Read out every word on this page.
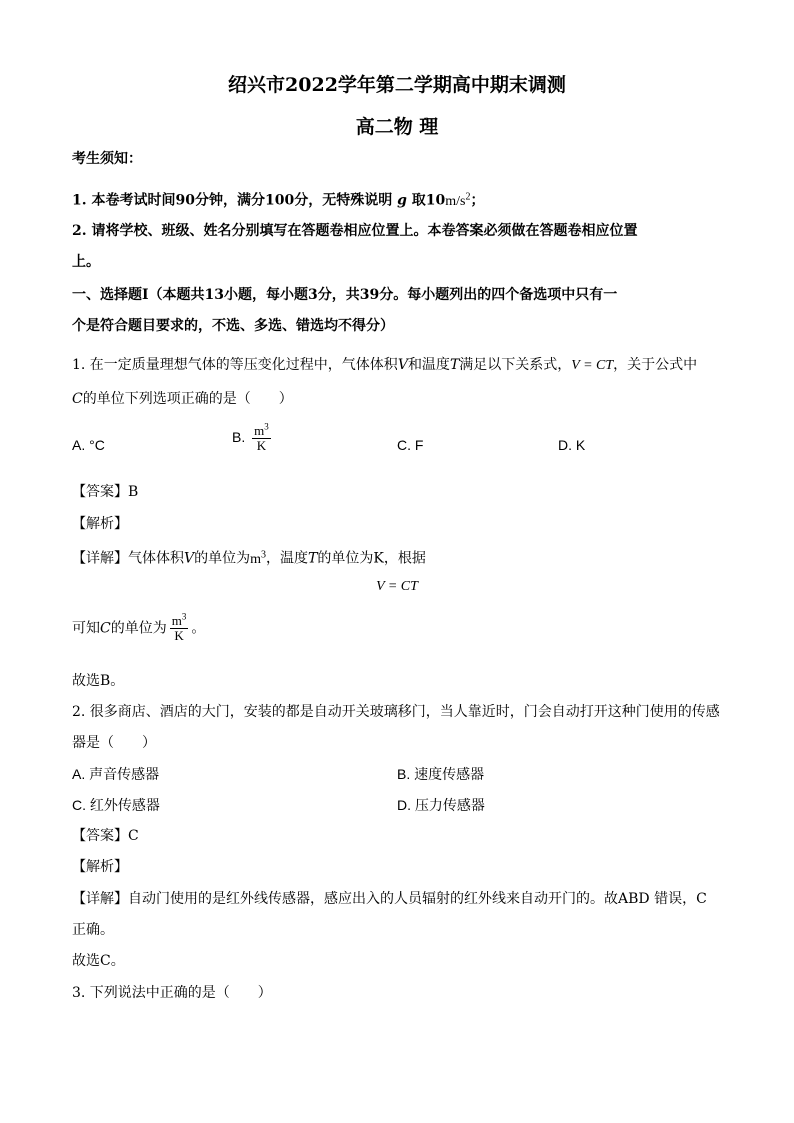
绍兴市2022学年第二学期高中期末调测
高二物 理
考生须知：
1. 本卷考试时间90分钟，满分100分，无特殊说明 g 取$10m/s^2$；
2. 请将学校、班级、姓名分别填写在答题卷相应位置上。本卷答案必须做在答题卷相应位置
上。
一、选择题Ⅰ（本题共13小题，每小题3分，共39分。每小题列出的四个备选项中只有一
个是符合题目要求的，不选、多选、错选均不得分）
1. 在一定质量理想气体的等压变化过程中，气体体积V和温度T满足以下关系式，V = CT，关于公式中
C的单位下列选项正确的是（　　）
A. °C	B. $\frac{m^3}{K}$	C. F	D. K
【答案】B
【解析】
【详解】气体体积V的单位为$m^3$，温度T的单位为K，根据
V = CT
可知C的单位为 $\frac{m^3}{K}$ 。
故选B。
2. 很多商店、酒店的大门，安装的都是自动开关玻璃移门，当人靠近时，门会自动打开这种门使用的传感
器是（　　）
A. 声音传感器	B. 速度传感器
C. 红外传感器	D. 压力传感器
【答案】C
【解析】
【详解】自动门使用的是红外线传感器，感应出入的人员辐射的红外线来自动开门的。故ABD 错误，C
正确。
故选C。
3. 下列说法中正确的是（　　）
